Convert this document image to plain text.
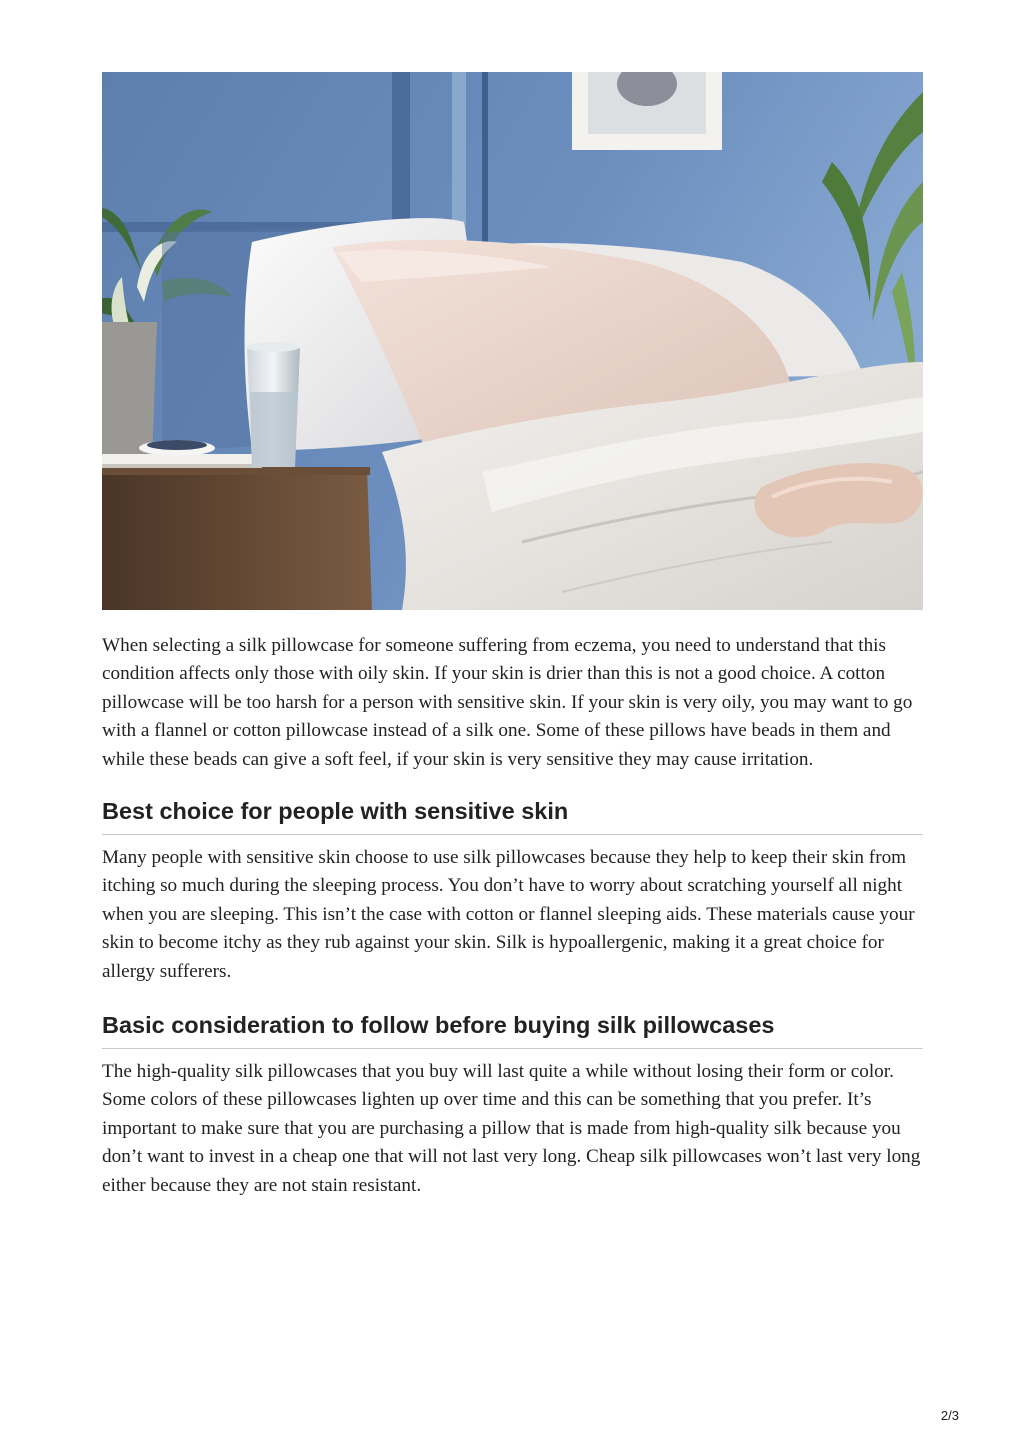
When selecting a silk pillowcase for someone suffering from eczema, you need to understand that this condition affects only those with oily skin. If your skin is drier than this is not a good choice. A cotton pillowcase will be too harsh for a person with sensitive skin. If your skin is very oily, you may want to go with a flannel or cotton pillowcase instead of a silk one. Some of these pillows have beads in them and while these beads can give a soft feel, if your skin is very sensitive they may cause irritation.

Best choice for people with sensitive skin

Many people with sensitive skin choose to use silk pillowcases because they help to keep their skin from itching so much during the sleeping process. You don’t have to worry about scratching yourself all night when you are sleeping. This isn’t the case with cotton or flannel sleeping aids. These materials cause your skin to become itchy as they rub against your skin. Silk is hypoallergenic, making it a great choice for allergy sufferers.

Basic consideration to follow before buying silk pillowcases

The high-quality silk pillowcases that you buy will last quite a while without losing their form or color. Some colors of these pillowcases lighten up over time and this can be something that you prefer. It’s important to make sure that you are purchasing a pillow that is made from high-quality silk because you don’t want to invest in a cheap one that will not last very long. Cheap silk pillowcases won’t last very long either because they are not stain resistant.

2/3
